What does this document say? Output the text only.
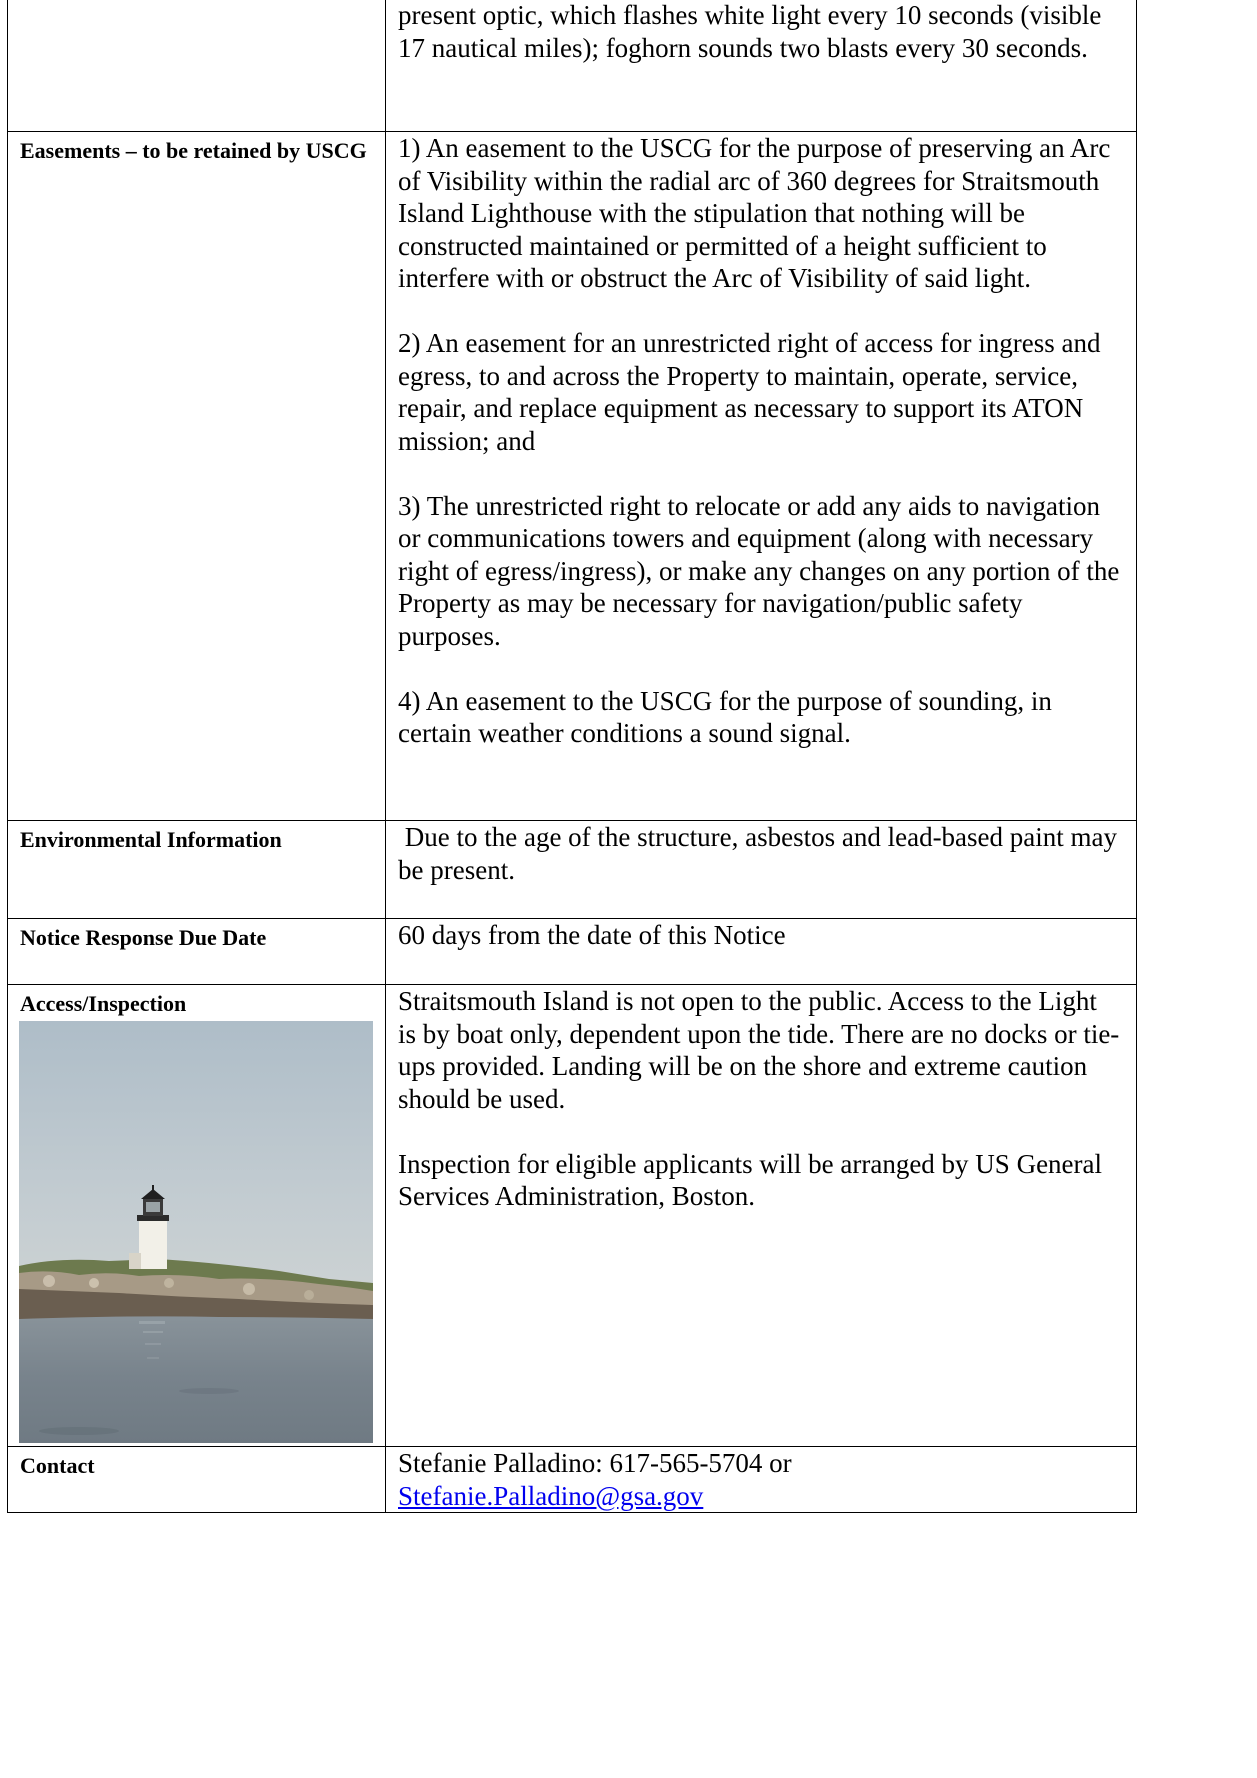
	present optic, which flashes white light every 10 seconds (visible 17 nautical miles); foghorn sounds two blasts every 30 seconds.

Easements – to be retained by USCG	1) An easement to the USCG for the purpose of preserving an Arc of Visibility within the radial arc of 360 degrees for Straitsmouth Island Lighthouse with the stipulation that nothing will be constructed maintained or permitted of a height sufficient to interfere with or obstruct the Arc of Visibility of said light.

2) An easement for an unrestricted right of access for ingress and egress, to and across the Property to maintain, operate, service, repair, and replace equipment as necessary to support its ATON mission; and

3) The unrestricted right to relocate or add any aids to navigation or communications towers and equipment (along with necessary right of egress/ingress), or make any changes on any portion of the Property as may be necessary for navigation/public safety purposes.

4) An easement to the USCG for the purpose of sounding, in certain weather conditions a sound signal.

Environmental Information	Due to the age of the structure, asbestos and lead-based paint may be present.

Notice Response Due Date	60 days from the date of this Notice

Access/Inspection	Straitsmouth Island is not open to the public. Access to the Light is by boat only, dependent upon the tide. There are no docks or tie-ups provided. Landing will be on the shore and extreme caution should be used.

Inspection for eligible applicants will be arranged by US General Services Administration, Boston.

Contact	Stefanie Palladino: 617-565-5704 or
Stefanie.Palladino@gsa.gov
